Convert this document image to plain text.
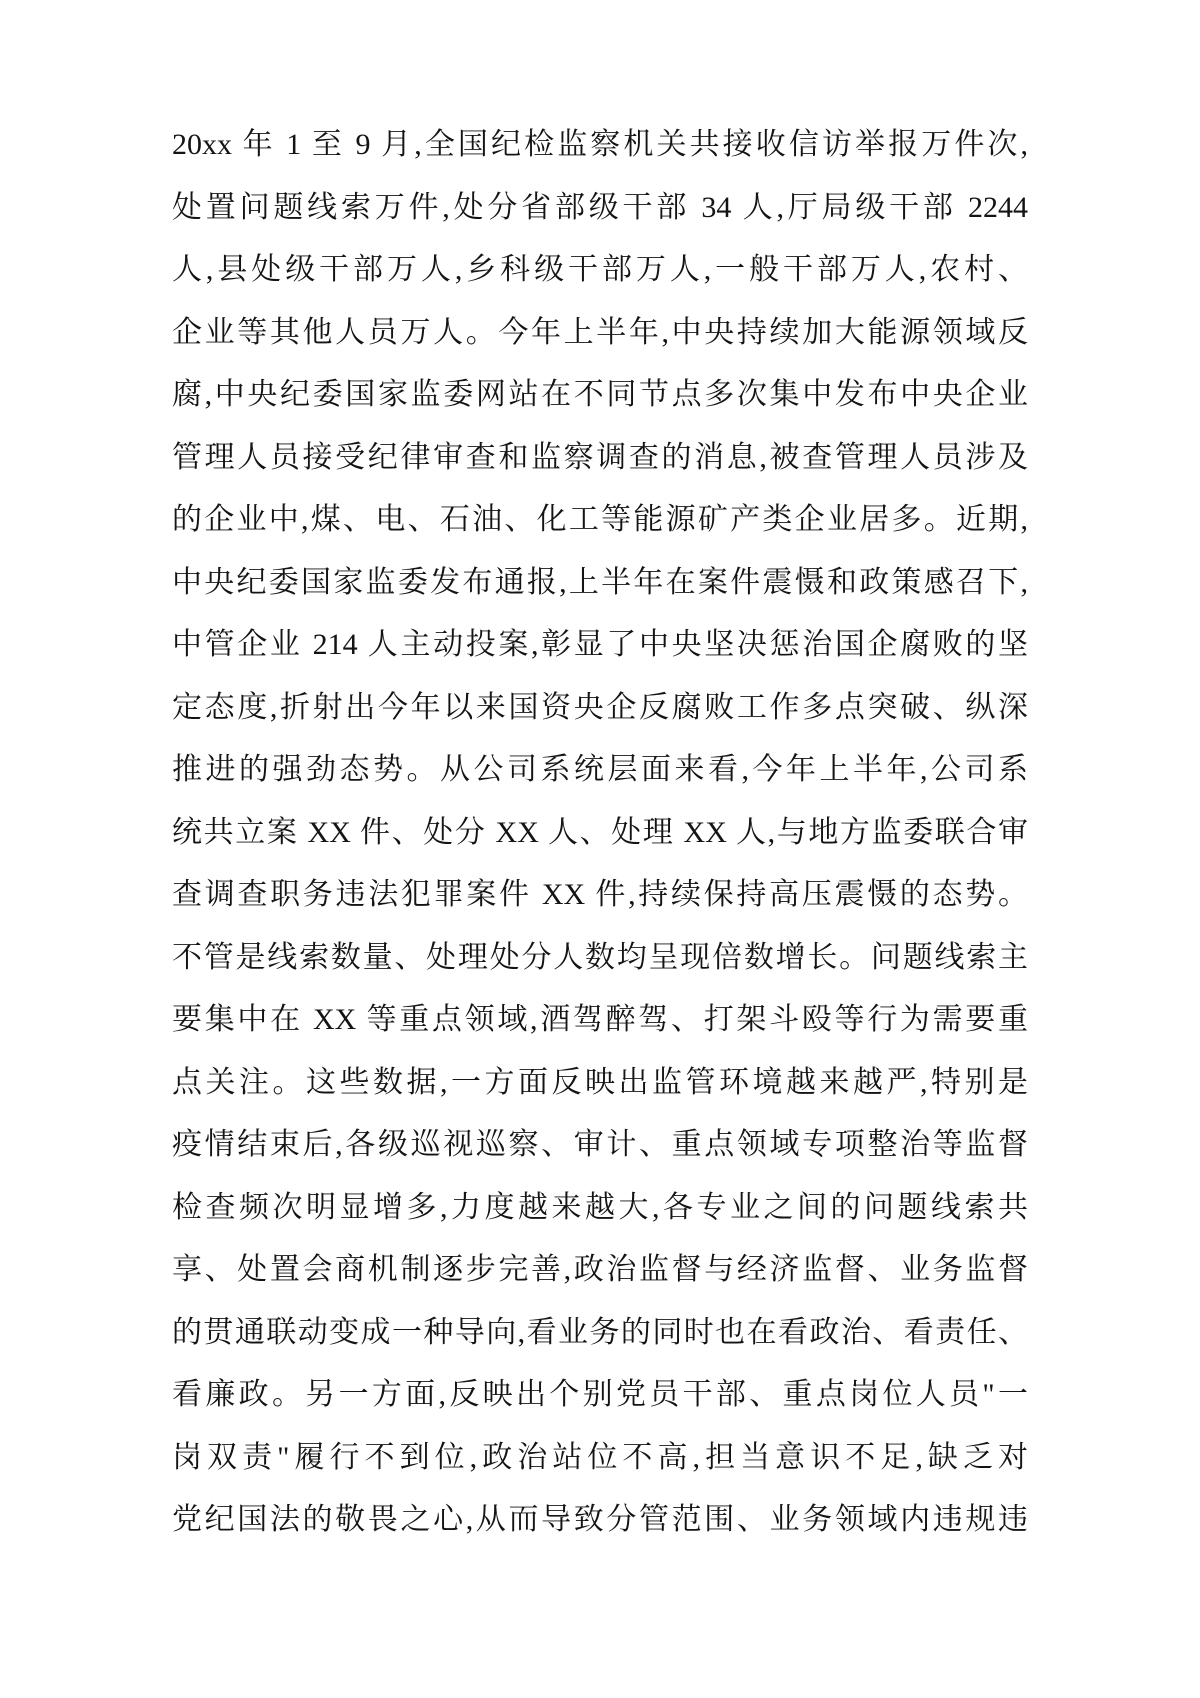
20xx 年 1 至 9 月,全国纪检监察机关共接收信访举报万件次,
处置问题线索万件,处分省部级干部 34 人,厅局级干部 2244
人,县处级干部万人,乡科级干部万人,一般干部万人,农村、
企业等其他人员万人。今年上半年,中央持续加大能源领域反
腐,中央纪委国家监委网站在不同节点多次集中发布中央企业
管理人员接受纪律审查和监察调查的消息,被查管理人员涉及
的企业中,煤、电、石油、化工等能源矿产类企业居多。近期,
中央纪委国家监委发布通报,上半年在案件震慑和政策感召下,
中管企业 214 人主动投案,彰显了中央坚决惩治国企腐败的坚
定态度,折射出今年以来国资央企反腐败工作多点突破、纵深
推进的强劲态势。从公司系统层面来看,今年上半年,公司系
统共立案 XX 件、处分 XX 人、处理 XX 人,与地方监委联合审
查调查职务违法犯罪案件 XX 件,持续保持高压震慑的态势。
不管是线索数量、处理处分人数均呈现倍数增长。问题线索主
要集中在 XX 等重点领域,酒驾醉驾、打架斗殴等行为需要重
点关注。这些数据,一方面反映出监管环境越来越严,特别是
疫情结束后,各级巡视巡察、审计、重点领域专项整治等监督
检查频次明显增多,力度越来越大,各专业之间的问题线索共
享、处置会商机制逐步完善,政治监督与经济监督、业务监督
的贯通联动变成一种导向,看业务的同时也在看政治、看责任、
看廉政。另一方面,反映出个别党员干部、重点岗位人员"一
岗双责"履行不到位,政治站位不高,担当意识不足,缺乏对
党纪国法的敬畏之心,从而导致分管范围、业务领域内违规违
